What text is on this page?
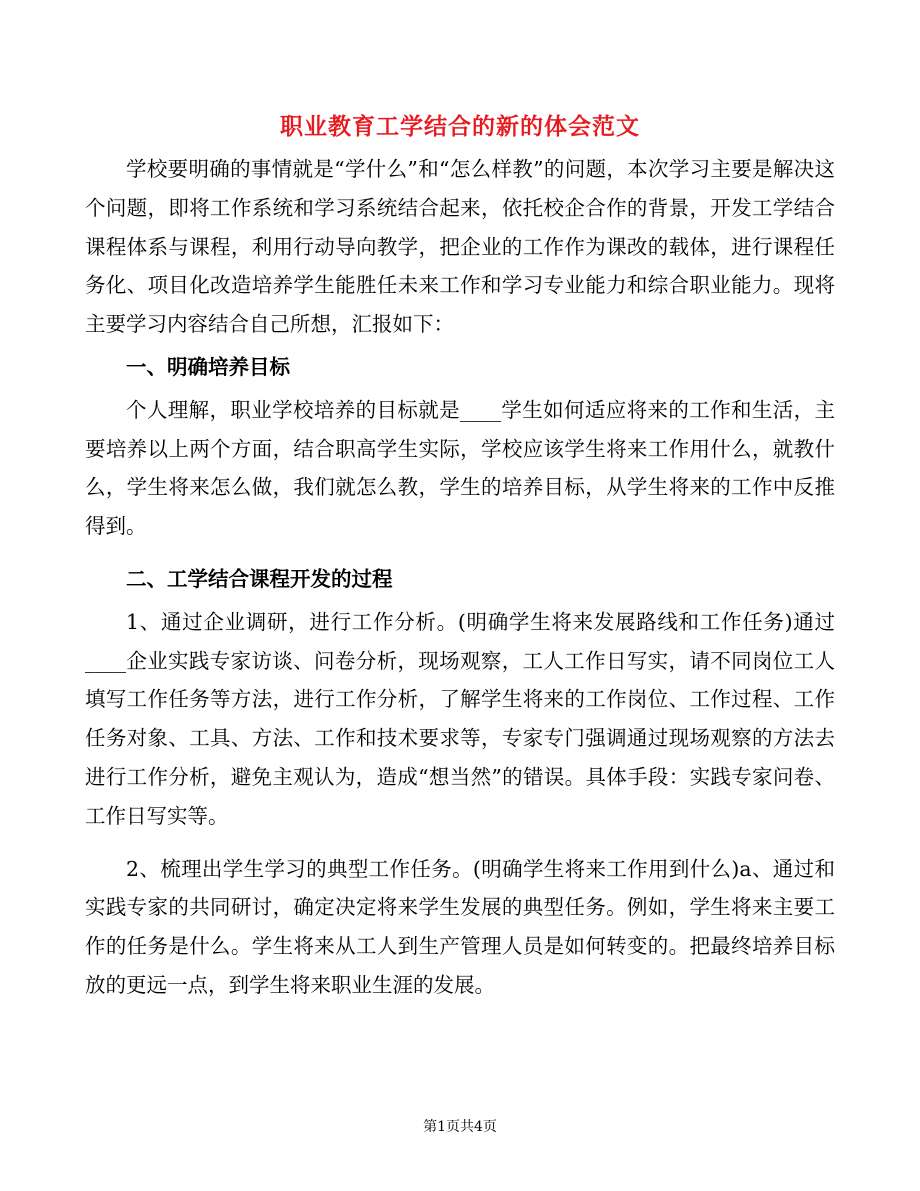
职业教育工学结合的新的体会范文

学校要明确的事情就是“学什么”和“怎么样教”的问题，本次学习主要是解决这个问题，即将工作系统和学习系统结合起来，依托校企合作的背景，开发工学结合课程体系与课程，利用行动导向教学，把企业的工作作为课改的载体，进行课程任务化、项目化改造培养学生能胜任未来工作和学习专业能力和综合职业能力。现将主要学习内容结合自己所想，汇报如下：

一、明确培养目标

个人理解，职业学校培养的目标就是____学生如何适应将来的工作和生活，主要培养以上两个方面，结合职高学生实际，学校应该学生将来工作用什么，就教什么，学生将来怎么做，我们就怎么教，学生的培养目标，从学生将来的工作中反推得到。

二、工学结合课程开发的过程

1、通过企业调研，进行工作分析。(明确学生将来发展路线和工作任务)通过____企业实践专家访谈、问卷分析，现场观察，工人工作日写实，请不同岗位工人填写工作任务等方法，进行工作分析，了解学生将来的工作岗位、工作过程、工作任务对象、工具、方法、工作和技术要求等，专家专门强调通过现场观察的方法去进行工作分析，避免主观认为，造成“想当然”的错误。具体手段：实践专家问卷、工作日写实等。

2、梳理出学生学习的典型工作任务。(明确学生将来工作用到什么)a、通过和实践专家的共同研讨，确定决定将来学生发展的典型任务。例如，学生将来主要工作的任务是什么。学生将来从工人到生产管理人员是如何转变的。把最终培养目标放的更远一点，到学生将来职业生涯的发展。

第1页共4页
